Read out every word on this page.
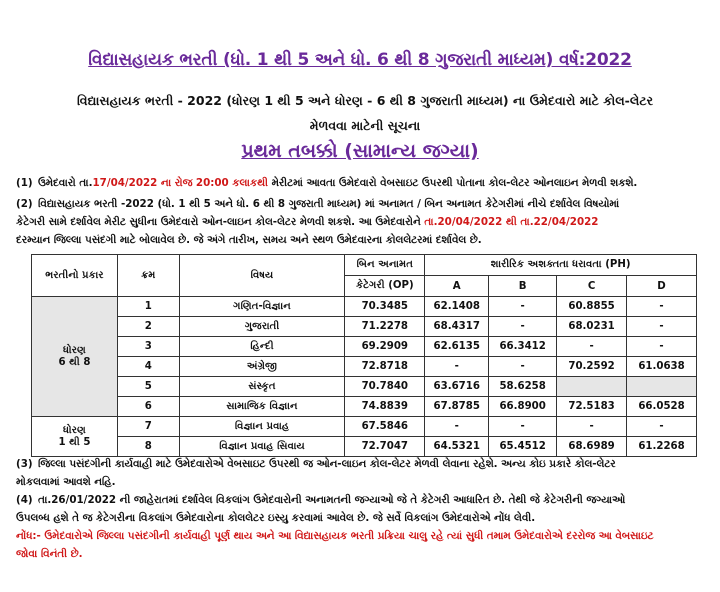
વિદ્યાસહાયક ભરતી (ધો. 1 થી 5 અને ધો. 6 થી 8 ગુજરાતી માધ્યમ) વર્ષ:2022
વિદ્યાસહાયક ભરતી - 2022 (ધોરણ 1 થી 5 અને ધોરણ - 6 થી 8 ગુજરાતી માધ્યમ) ના ઉમેદવારો માટે કોલ-લેટર
મેળવવા માટેની સૂચના
પ્રથમ તબક્કો (સામાન્ય જગ્યા)
(1) ઉમેદવારો તા.17/04/2022 ના રોજ 20:00 કલાકથી મેરીટમાં આવતા ઉમેદવારો વેબસાઇટ ઉપરથી પોતાના કોલ-લેટર ઓનલાઇન મેળવી શકશે.
(2) વિદ્યાસહાયક ભરતી -2022 (ધો. 1 થી 5 અને ધો. 6 થી 8 ગુજરાતી માધ્યમ) માં અનામત / બિન અનામત કેટેગરીમાં નીચે દર્શાવેલ વિષયોમાં
કેટેગરી સામે દર્શાવેલ મેરીટ સુધીના ઉમેદવારો ઓન-લાઇન કોલ-લેટર મેળવી શકશે. આ ઉમેદવારોને તા.20/04/2022 થી તા.22/04/2022
દરમ્યાન જિલ્લા પસંદગી માટે બોલાવેલ છે. જે અંગે તારીખ, સમય અને સ્થળ ઉમેદવારના કોલલેટરમાં દર્શાવેલ છે.
ભરતીનો પ્રકાર	ક્રમ	વિષય	બિન અનામત	શારીરિક અશક્તતા ધરાવતા (PH)			
			કેટેગરી (OP)	A	B	C	D

ધોરણ
6 થી 8	1	ગણિત-વિજ્ઞાન	70.3485	62.1408	-	60.8855	-
	2	ગુજરાતી	71.2278	68.4317	-	68.0231	-
	3	હિન્દી	69.2909	62.6135	66.3412	-	-
	4	અંગ્રેજી	72.8718	-	-	70.2592	61.0638
	5	સંસ્કૃત	70.7840	63.6716	58.6258		
	6	સામાજિક વિજ્ઞાન	74.8839	67.8785	66.8900	72.5183	66.0528

ધોરણ
1 થી 5	7	વિજ્ઞાન પ્રવાહ	67.5846	-	-	-	-
	8	વિજ્ઞાન પ્રવાહ સિવાય	72.7047	64.5321	65.4512	68.6989	61.2268
(3) જિલ્લા પસંદગીની કાર્યવાહી માટે ઉમેદવારોએ વેબસાઇટ ઉપરથી જ ઓન-લાઇન કોલ-લેટર મેળવી લેવાના રહેશે. અન્ય કોઇ પ્રકારે કોલ-લેટર
મોકલવામાં આવશે નહિ.
(4) તા.26/01/2022 ની જાહેરાતમાં દર્શાવેલ વિકલાંગ ઉમેદવારોની અનામતની જગ્યાઓ જે તે કેટેગરી આધારિત છે. તેથી જે કેટેગરીની જગ્યાઓ
ઉપલબ્ધ હશે તે જ કેટેગરીના વિકલાંગ ઉમેદવારોના કોલલેટર ઇસ્યુ કરવામાં આવેલ છે. જે સર્વે વિકલાંગ ઉમેદવારોએ નોંધ લેવી.
નોંધ:- ઉમેદવારોએ જિલ્લા પસંદગીની કાર્યવાહી પૂર્ણ થાય અને આ વિદ્યાસહાયક ભરતી પ્રક્રિયા ચાલુ રહે ત્યાં સુધી તમામ ઉમેદવારોએ દરરોજ આ વેબસાઇટ
જોવા વિનંતી છે.
